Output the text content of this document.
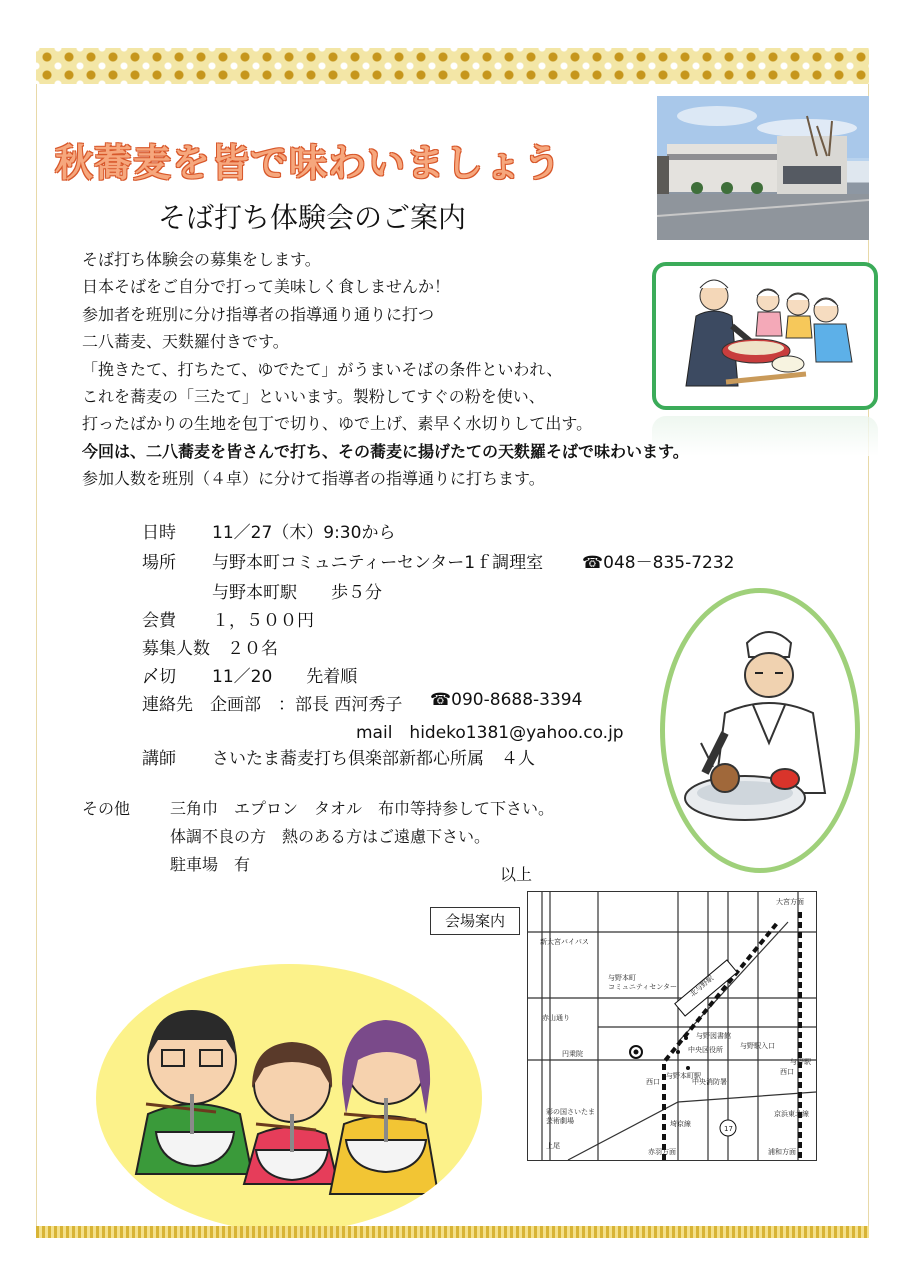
秋蕎麦を皆で味わいましょう
そば打ち体験会のご案内

そば打ち体験会の募集をします。

日本そばをご自分で打って美味しく食しませんか！

参加者を班別に分け指導者の指導通り通りに打つ

二八蕎麦、天麩羅付きです。

「挽きたて、打ちたて、ゆでたて」がうまいそばの条件といわれ、

これを蕎麦の「三たて」といいます。製粉してすぐの粉を使い、

打ったばかりの生地を包丁で切り、ゆで上げ、素早く水切りして出す。

今回は、二八蕎麦を皆さんで打ち、その蕎麦に揚げたての天麩羅そばで味わいます。

参加人数を班別（４卓）に分けて指導者の指導通りに打ちます。

日時 11／27（木）9:30から
場所 与野本町コミュニティーセンター1ｆ調理室 ☎048－835‐7232
与野本町駅　　歩５分
会費 １，５００円
募集人数　２０名
〆切 11／20　　先着順
連絡先 企画部　：部長 西河秀子 ☎090-8688-3394
mail　hideko1381@yahoo.co.jp
講師 さいたま蕎麦打ち倶楽部新都心所属　４人
その他 三角巾　エプロン　タオル　布巾等持参して下さい。
体調不良の方　熱のある方はご遠慮下さい。
駐車場　有
以上
会場案内
大宮方面
新大宮バイパス
赤山通り
与野本町
コミュニティセンター 北与野駅
与野図書館
中央区役所
中央消防署
円乗院
彩の国さいたま
芸術劇場
与野本町駅
西口
西口
与野駅
与野駅入口
京浜東北線
浦和方面
赤羽方面
上尾
17
埼京線
